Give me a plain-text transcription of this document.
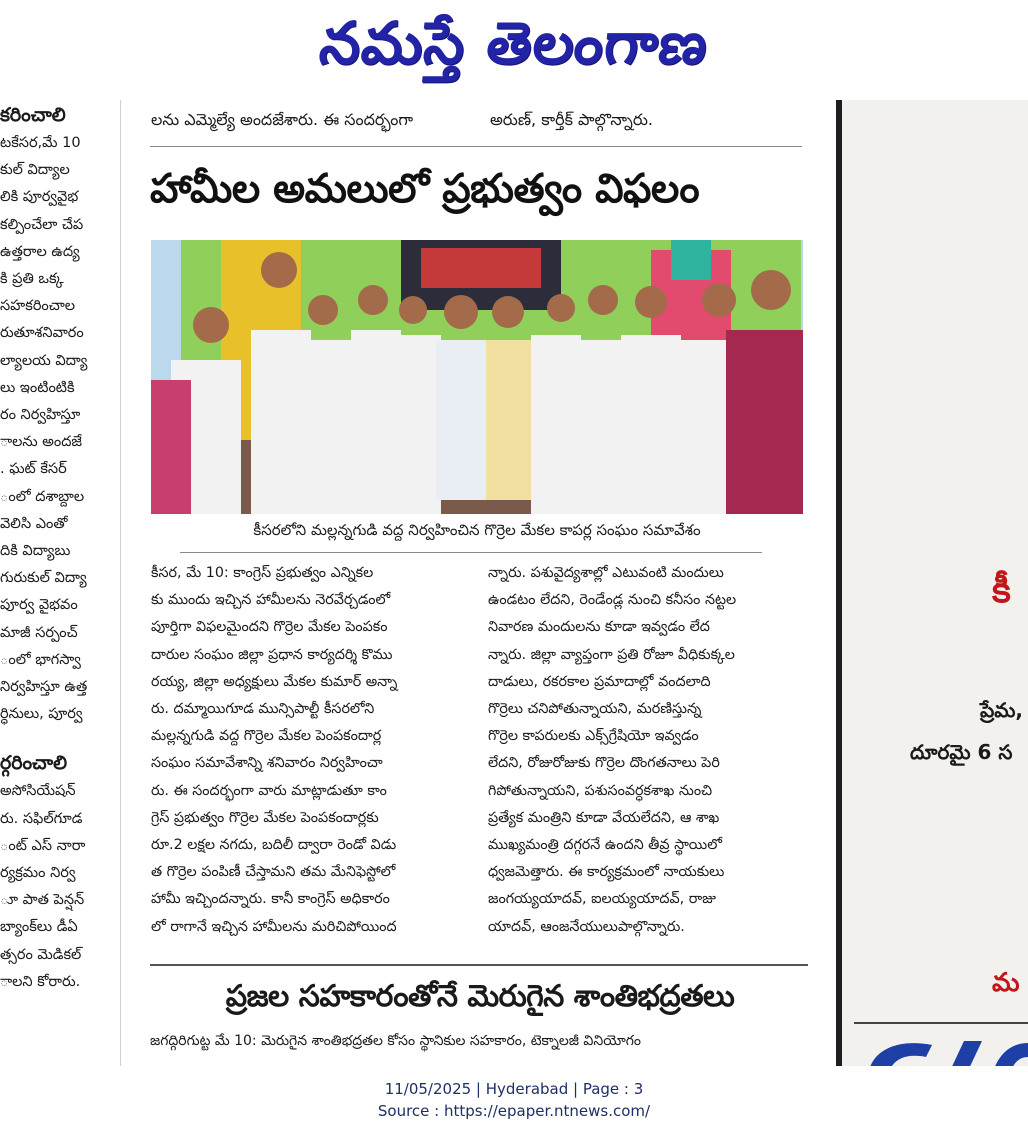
నమస్తే తెలంగాణ
కరించాలి
టకేసర,మే 10
కుల్ విద్యాల
లికి పూర్వవైభ
కల్పించేలా చేప
ఉత్తరాల ఉద్య
కి ప్రతి ఒక్క
సహకరించాల
రుతూశనివారం
ల్యాలయ విద్యా
లు ఇంటింటికి
రం నిర్వహిస్తూ
ాలను అందజే
. ఘట్ కేసర్
ంలో దశాబ్దాల
వెలిసి ఎంతో
దికి విద్యాబు
గురుకుల్ విద్యా
పూర్వ వైభవం
మాజీ సర్పంచ్
ంలో భాగస్వా
నిర్వహిస్తూ ఉత్త
ర్ధినులు, పూర్వ
ర్గరించాలి
అసోసియేషన్
రు. సఫిల్‌గూడ
ంట్ ఎస్ నారా
ర్యక్రమం నిర్వ
ూ పాత పెన్షన్
బ్యాంక్‌లు డీఏ
త్సరం మెడికల్
ాలని కోరారు.
లను ఎమ్మెల్యే అందజేశారు. ఈ సందర్భంగా	అరుణ్, కార్తీక్ పాల్గొన్నారు.
హామీల అమలులో ప్రభుత్వం విఫలం
కీసరలోని మల్లన్నగుడి వద్ద నిర్వహించిన గొర్రెల మేకల కాపర్ల సంఘం సమావేశం
కీసర, మే 10: కాంగ్రెస్ ప్రభుత్వం ఎన్నికల
కు ముందు ఇచ్చిన హామీలను నెరవేర్చడంలో
పూర్తిగా విఫలమైందని గొర్రెల మేకల పెంపకం
దారుల సంఘం జిల్లా ప్రధాన కార్యదర్శి కొము
రయ్య, జిల్లా అధ్యక్షులు మేకల కుమార్ అన్నా
రు. దమ్మాయిగూడ మున్సిపాల్టీ కీసరలోని
మల్లన్నగుడి వద్ద గొర్రెల మేకల పెంపకందార్ల
సంఘం సమావేశాన్ని శనివారం నిర్వహించా
రు. ఈ సందర్భంగా వారు మాట్లాడుతూ కాం
గ్రెస్ ప్రభుత్వం గొర్రెల మేకల పెంపకందార్లకు
రూ.2 లక్షల నగదు, బదిలీ ద్వారా రెండో విడు
త గొర్రెల పంపిణీ చేస్తామని తమ మేనిఫెస్టోలో
హామీ ఇచ్చిందన్నారు. కానీ కాంగ్రెస్ అధికారం
లో రాగానే ఇచ్చిన హామీలను మరిచిపోయింద
న్నారు. పశువైద్యశాల్లో ఎటువంటి మందులు
ఉండటం లేదని, రెండేండ్ల నుంచి కనీసం నట్టల
నివారణ మందులను కూడా ఇవ్వడం లేద
న్నారు. జిల్లా వ్యాప్తంగా ప్రతి రోజూ వీధికుక్కల
దాడులు, రకరకాల ప్రమాదాల్లో వందలాది
గొర్రెలు చనిపోతున్నాయని, మరణిస్తున్న
గొర్రెల కాపరులకు ఎక్స్‌గ్రేషియో ఇవ్వడం
లేదని, రోజురోజుకు గొర్రెల దొంగతనాలు పెరి
గిపోతున్నాయని, పశుసంవర్ధకశాఖ నుంచి
ప్రత్యేక మంత్రిని కూడా వేయలేదని, ఆ శాఖ
ముఖ్యమంత్రి దగ్గరనే ఉందని తీవ్ర స్థాయిలో
ధ్వజమెత్తారు. ఈ కార్యక్రమంలో నాయకులు
జంగయ్యయాదవ్, ఐలయ్యయాదవ్, రాజు
యాదవ్, ఆంజనేయులుపాల్గొన్నారు.
ప్రజల సహకారంతోనే మెరుగైన శాంతిభద్రతలు
జగద్గిరిగుట్ట మే 10: మెరుగైన శాంతిభద్రతల కోసం స్థానికుల సహకారం, టెక్నాలజీ వినియోగం
కీ
ప్రేమ,
దూరమై 6 స
మ
11/05/2025 | Hyderabad | Page : 3
Source : https://epaper.ntnews.com/
